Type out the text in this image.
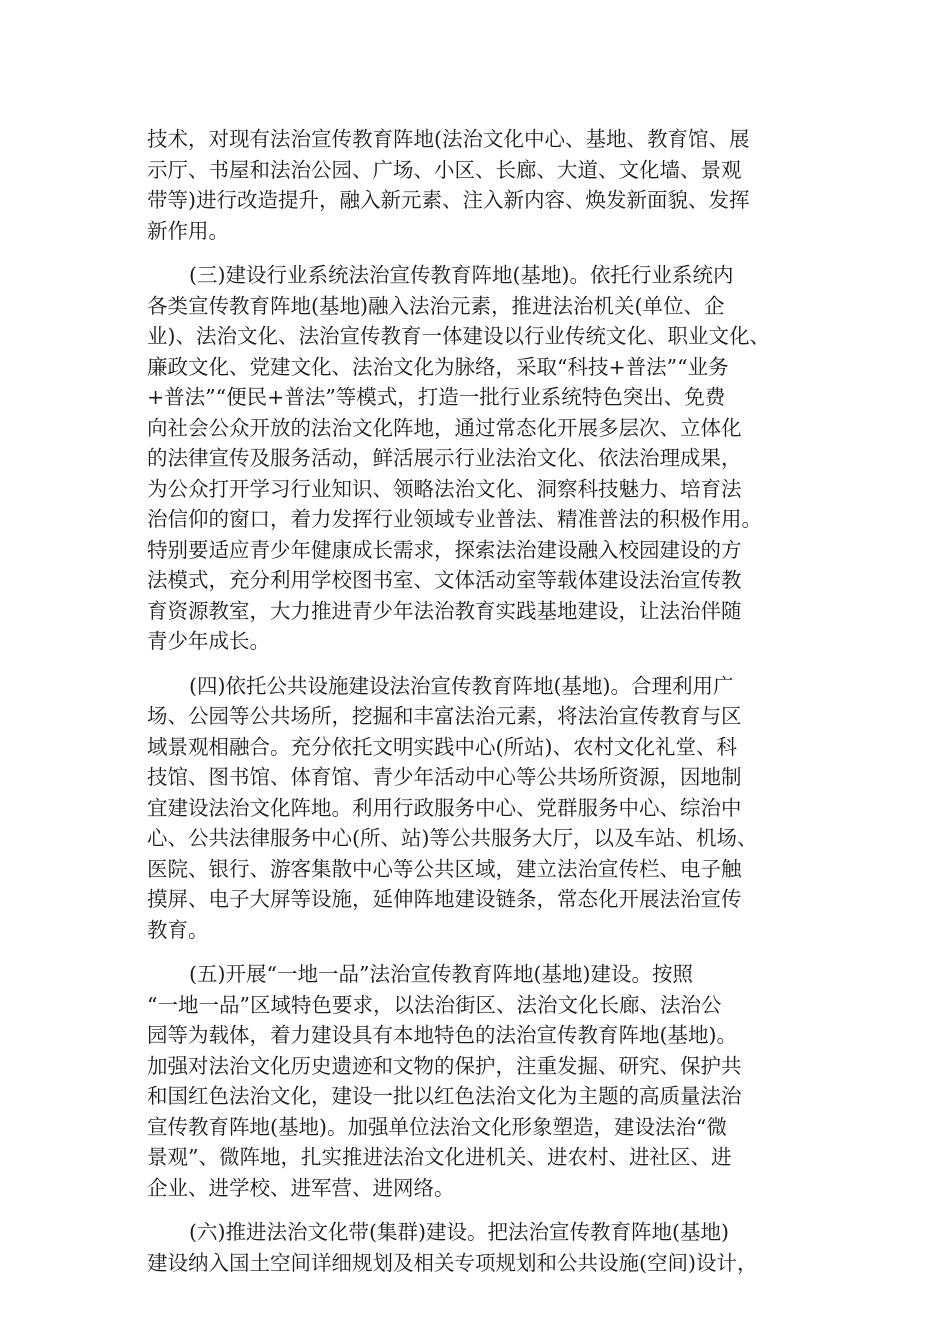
技术，对现有法治宣传教育阵地(法治文化中心、基地、教育馆、展
示厅、书屋和法治公园、广场、小区、长廊、大道、文化墙、景观
带等)进行改造提升，融入新元素、注入新内容、焕发新面貌、发挥
新作用。
(三)建设行业系统法治宣传教育阵地(基地)。依托行业系统内
各类宣传教育阵地(基地)融入法治元素，推进法治机关(单位、企
业)、法治文化、法治宣传教育一体建设以行业传统文化、职业文化、
廉政文化、党建文化、法治文化为脉络，采取“科技+普法”“业务
+普法”“便民+普法”等模式，打造一批行业系统特色突出、免费
向社会公众开放的法治文化阵地，通过常态化开展多层次、立体化
的法律宣传及服务活动，鲜活展示行业法治文化、依法治理成果，
为公众打开学习行业知识、领略法治文化、洞察科技魅力、培育法
治信仰的窗口，着力发挥行业领域专业普法、精准普法的积极作用。
特别要适应青少年健康成长需求，探索法治建设融入校园建设的方
法模式，充分利用学校图书室、文体活动室等载体建设法治宣传教
育资源教室，大力推进青少年法治教育实践基地建设，让法治伴随
青少年成长。
(四)依托公共设施建设法治宣传教育阵地(基地)。合理利用广
场、公园等公共场所，挖掘和丰富法治元素，将法治宣传教育与区
域景观相融合。充分依托文明实践中心(所站)、农村文化礼堂、科
技馆、图书馆、体育馆、青少年活动中心等公共场所资源，因地制
宜建设法治文化阵地。利用行政服务中心、党群服务中心、综治中
心、公共法律服务中心(所、站)等公共服务大厅，以及车站、机场、
医院、银行、游客集散中心等公共区域，建立法治宣传栏、电子触
摸屏、电子大屏等设施，延伸阵地建设链条，常态化开展法治宣传
教育。
(五)开展“一地一品”法治宣传教育阵地(基地)建设。按照
“一地一品”区域特色要求，以法治街区、法治文化长廊、法治公
园等为载体，着力建设具有本地特色的法治宣传教育阵地(基地)。
加强对法治文化历史遗迹和文物的保护，注重发掘、研究、保护共
和国红色法治文化，建设一批以红色法治文化为主题的高质量法治
宣传教育阵地(基地)。加强单位法治文化形象塑造，建设法治“微
景观”、微阵地，扎实推进法治文化进机关、进农村、进社区、进
企业、进学校、进军营、进网络。
(六)推进法治文化带(集群)建设。把法治宣传教育阵地(基地)
建设纳入国土空间详细规划及相关专项规划和公共设施(空间)设计，
